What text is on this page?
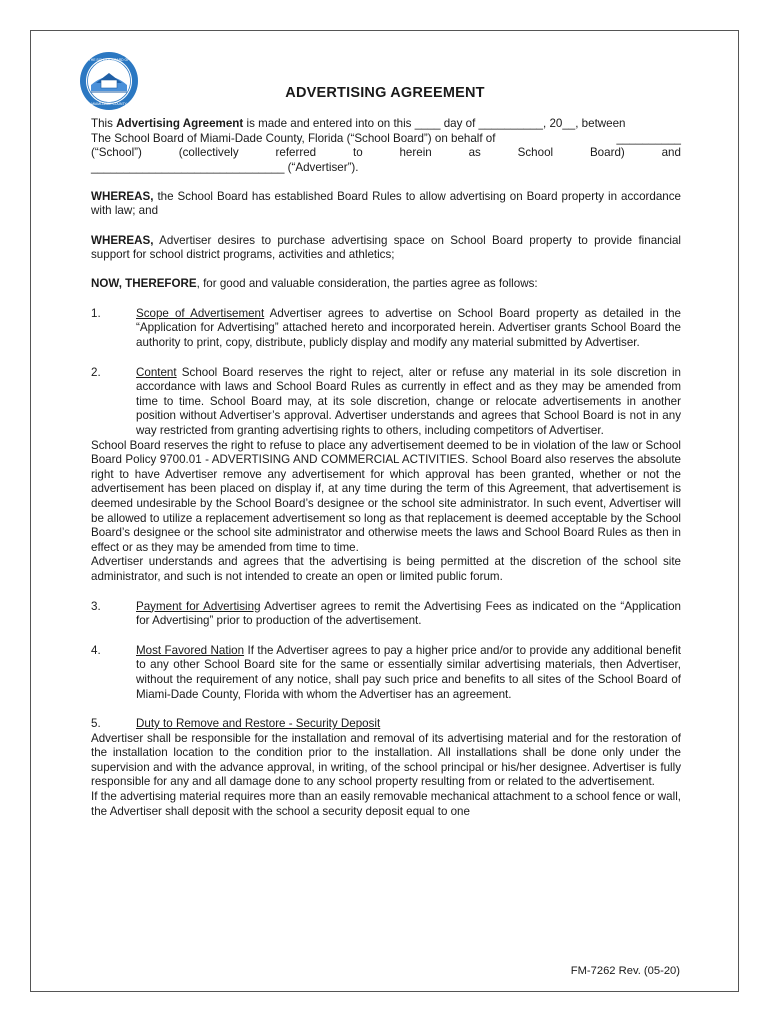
THE SCHOOL BOARD OF
MIAMI-DADE COUNTY
ADVERTISING AGREEMENT
This Advertising Agreement is made and entered into on this ____ day of __________, 20__, between
The School Board of Miami-Dade County, Florida (“School Board”) on behalf of	__________
(“School”)	(collectively	referred	to	herein	as	School	Board)	and
______________________________ (“Advertiser”).

WHEREAS, the School Board has established Board Rules to allow advertising on Board property in accordance with law; and

WHEREAS, Advertiser desires to purchase advertising space on School Board property to provide financial support for school district programs, activities and athletics;

NOW, THEREFORE, for good and valuable consideration, the parties agree as follows:

1.	Scope of Advertisement Advertiser agrees to advertise on School Board property as detailed in the “Application for Advertising” attached hereto and incorporated herein. Advertiser grants School Board the authority to print, copy, distribute, publicly display and modify any material submitted by Advertiser.
2.	Content School Board reserves the right to reject, alter or refuse any material in its sole discretion in accordance with laws and School Board Rules as currently in effect and as they may be amended from time to time. School Board may, at its sole discretion, change or relocate advertisements in another position without Advertiser’s approval. Advertiser understands and agrees that School Board is not in any way restricted from granting advertising rights to others, including competitors of Advertiser.

School Board reserves the right to refuse to place any advertisement deemed to be in violation of the law or School Board Policy 9700.01 - ADVERTISING AND COMMERCIAL ACTIVITIES. School Board also reserves the absolute right to have Advertiser remove any advertisement for which approval has been granted, whether or not the advertisement has been placed on display if, at any time during the term of this Agreement, that advertisement is deemed undesirable by the School Board’s designee or the school site administrator. In such event, Advertiser will be allowed to utilize a replacement advertisement so long as that replacement is deemed acceptable by the School Board’s designee or the school site administrator and otherwise meets the laws and School Board Rules as then in effect or as they may be amended from time to time.

Advertiser understands and agrees that the advertising is being permitted at the discretion of the school site administrator, and such is not intended to create an open or limited public forum.

3.	Payment for Advertising Advertiser agrees to remit the Advertising Fees as indicated on the “Application for Advertising” prior to production of the advertisement.
4.	Most Favored Nation If the Advertiser agrees to pay a higher price and/or to provide any additional benefit to any other School Board site for the same or essentially similar advertising materials, then Advertiser, without the requirement of any notice, shall pay such price and benefits to all sites of the School Board of Miami-Dade County, Florida with whom the Advertiser has an agreement.
5.	Duty to Remove and Restore - Security Deposit

Advertiser shall be responsible for the installation and removal of its advertising material and for the restoration of the installation location to the condition prior to the installation. All installations shall be done only under the supervision and with the advance approval, in writing, of the school principal or his/her designee. Advertiser is fully responsible for any and all damage done to any school property resulting from or related to the advertisement.

If the advertising material requires more than an easily removable mechanical attachment to a school fence or wall, the Advertiser shall deposit with the school a security deposit equal to one

FM-7262 Rev. (05-20)
